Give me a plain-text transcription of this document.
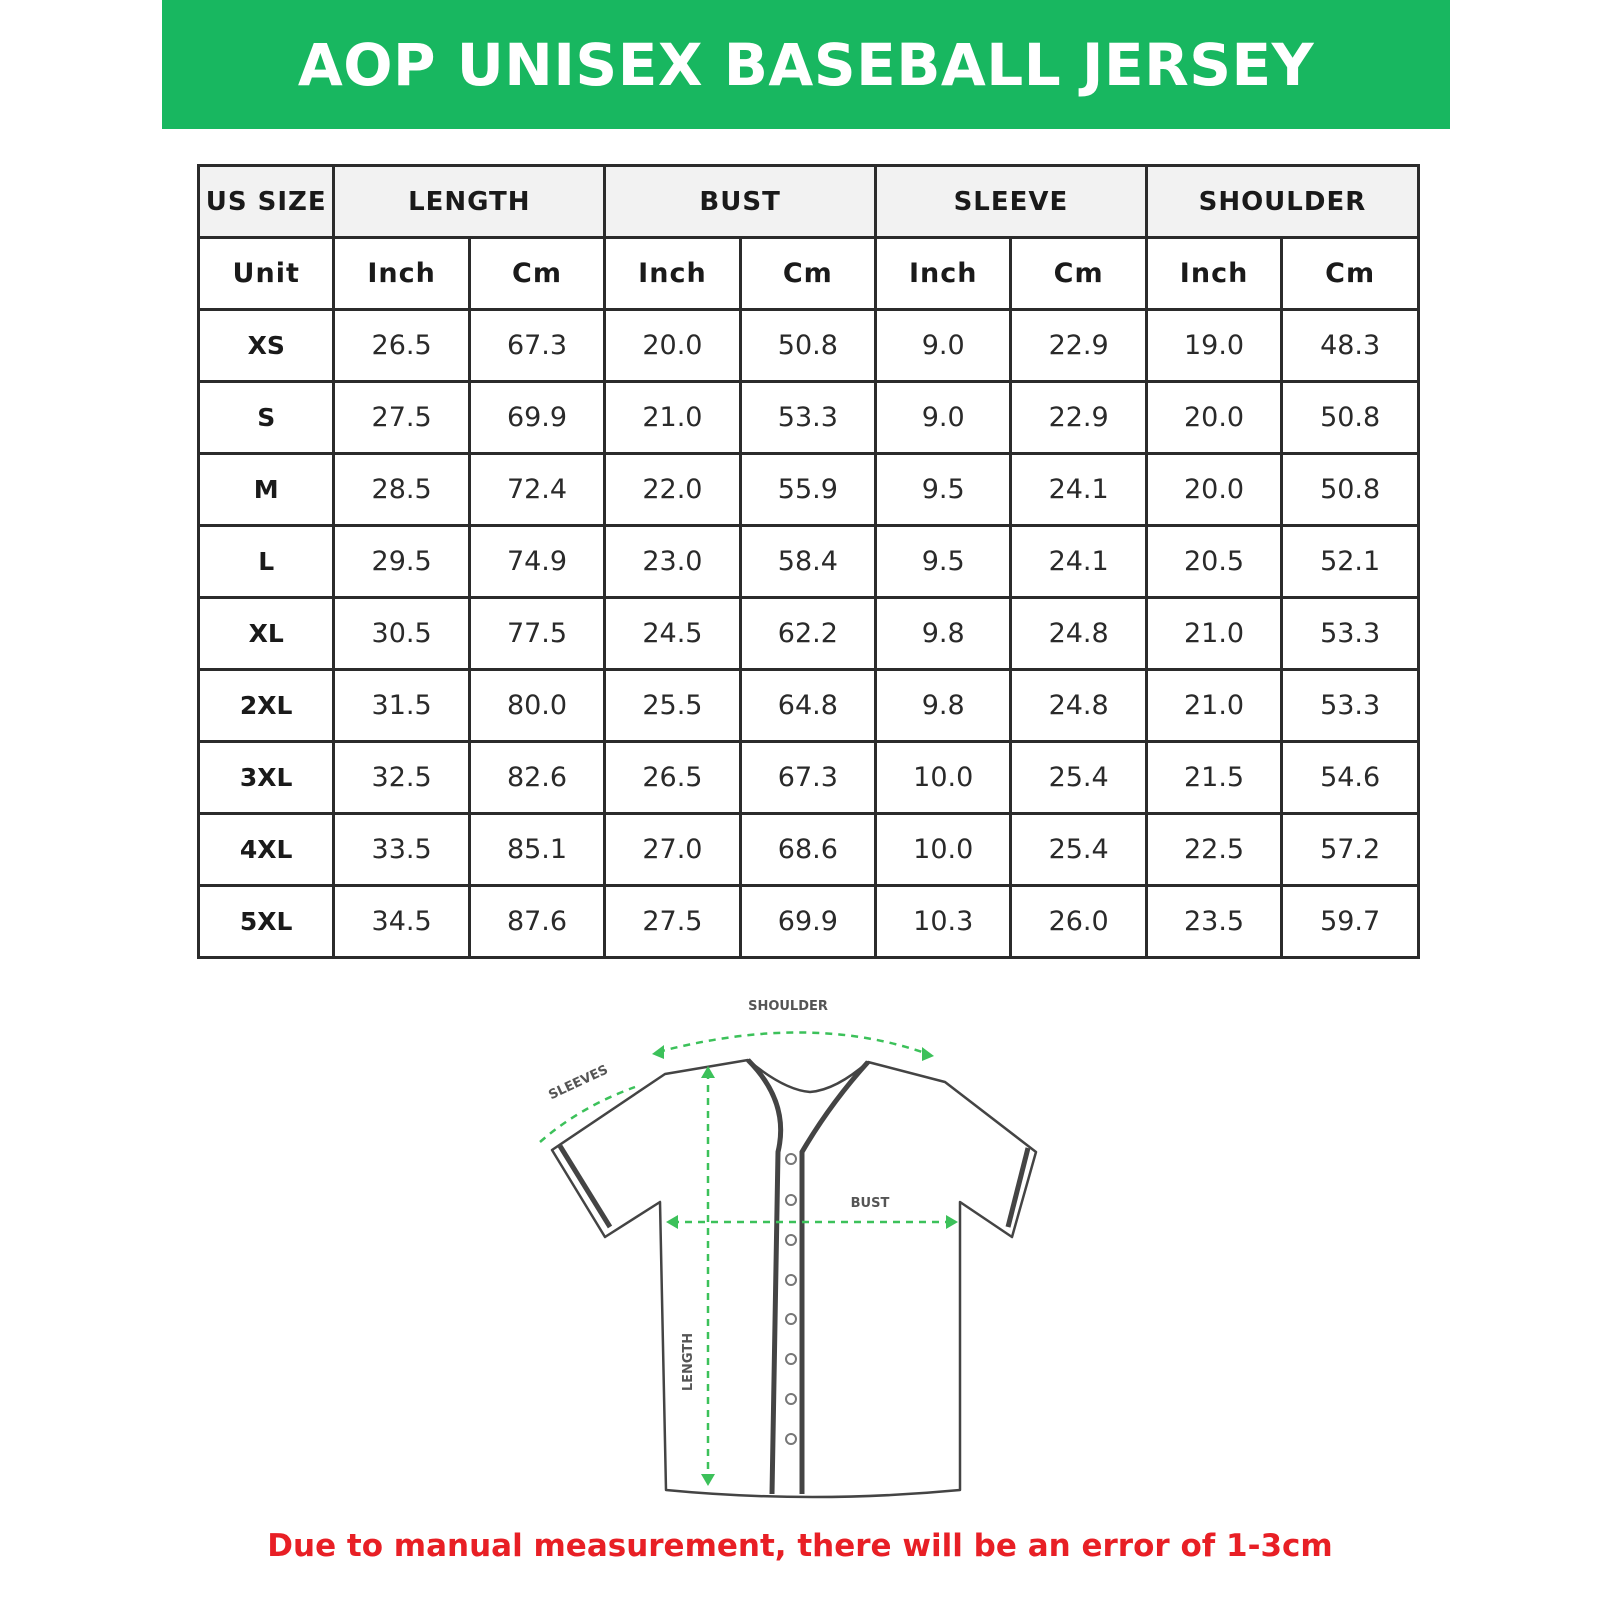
AOP UNISEX BASEBALL JERSEY
US SIZE	LENGTH		BUST		SLEEVE		SHOULDER	
Unit	Inch	Cm	Inch	Cm	Inch	Cm	Inch	Cm
XS	26.5	67.3	20.0	50.8	9.0	22.9	19.0	48.3
S	27.5	69.9	21.0	53.3	9.0	22.9	20.0	50.8
M	28.5	72.4	22.0	55.9	9.5	24.1	20.0	50.8
L	29.5	74.9	23.0	58.4	9.5	24.1	20.5	52.1
XL	30.5	77.5	24.5	62.2	9.8	24.8	21.0	53.3
2XL	31.5	80.0	25.5	64.8	9.8	24.8	21.0	53.3
3XL	32.5	82.6	26.5	67.3	10.0	25.4	21.5	54.6
4XL	33.5	85.1	27.0	68.6	10.0	25.4	22.5	57.2
5XL	34.5	87.6	27.5	69.9	10.3	26.0	23.5	59.7
SHOULDER
SLEEVES
BUST
LENGTH
Due to manual measurement, there will be an error of 1-3cm
